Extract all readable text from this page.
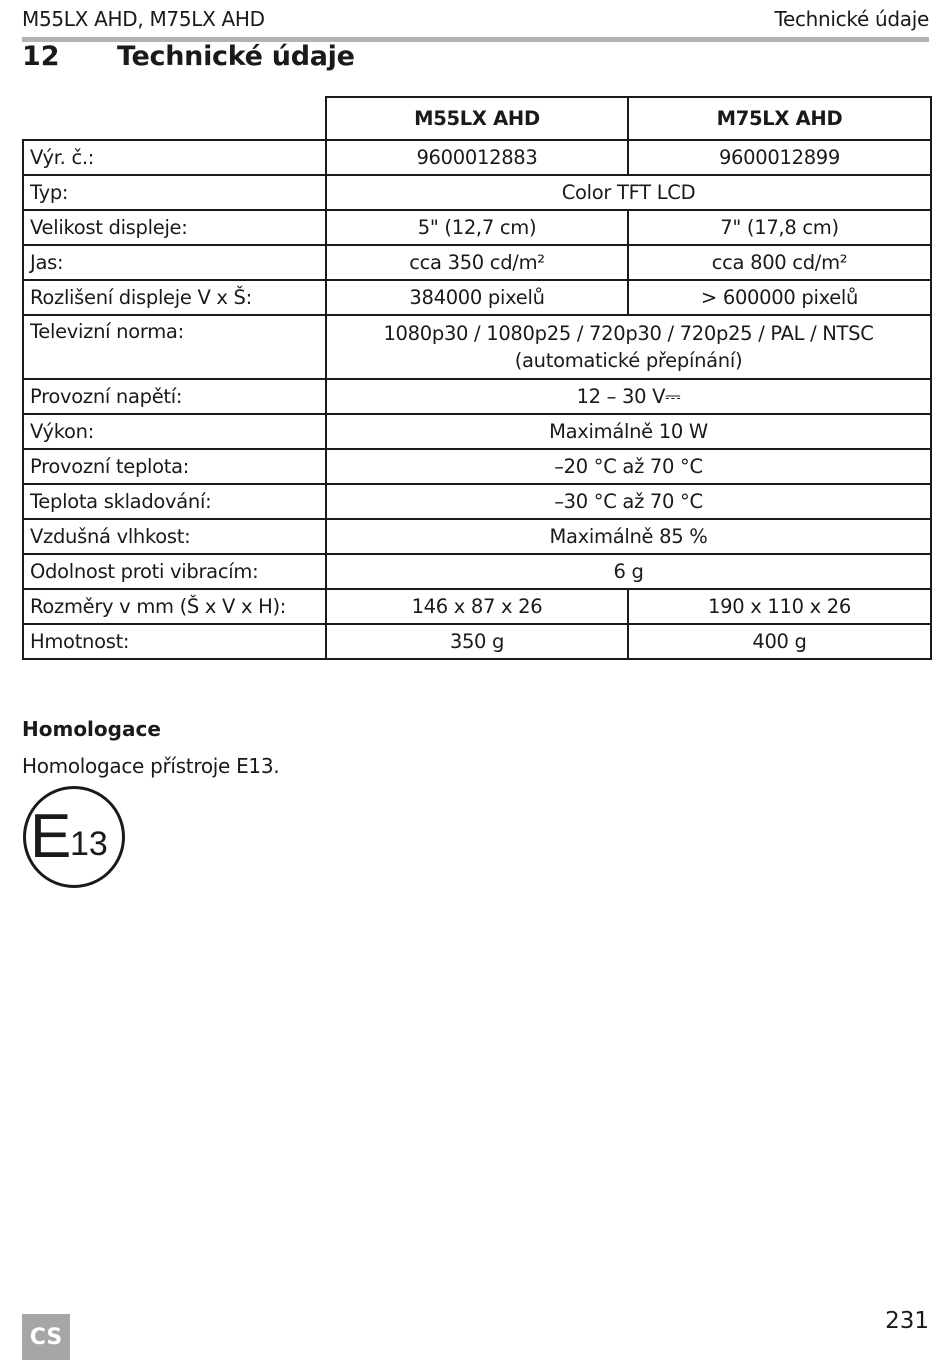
M55LX AHD, M75LX AHD	Technické údaje
12 Technické údaje
	M55LX AHD	M75LX AHD
Výr. č.:	9600012883	9600012899
Typ:	Color TFT LCD	
Velikost displeje:	5" (12,7 cm)	7" (17,8 cm)
Jas:	cca 350 cd/m²	cca 800 cd/m²
Rozlišení displeje V x Š:	384000 pixelů	> 600000 pixelů
Televizní norma:	1080p30 / 1080p25 / 720p30 / 720p25 / PAL / NTSC
(automatické přepínání)	

Provozní napětí:	12 – 30 V⎓	
Výkon:	Maximálně 10 W	
Provozní teplota:	–20 °C až 70 °C	
Teplota skladování:	–30 °C až 70 °C	
Vzdušná vlhkost:	Maximálně 85 %	
Odolnost proti vibracím:	6 g	
Rozměry v mm (Š x V x H):	146 x 87 x 26	190 x 110 x 26
Hmotnost:	350 g	400 g
Homologace
Homologace přístroje E13.
E
13
CS
231
